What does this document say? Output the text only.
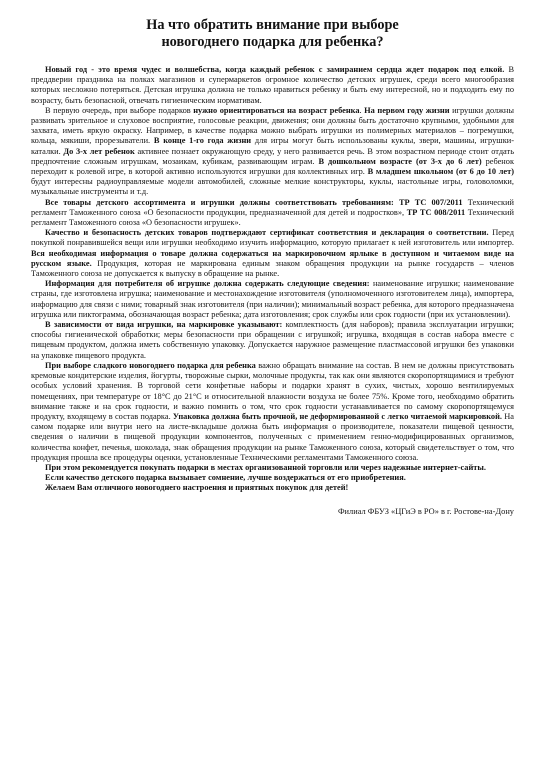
На что обратить внимание при выборе
новогоднего подарка для ребенка?

Новый год - это время чудес и волшебства, когда каждый ребенок с замиранием сердца ждет подарок под елкой. В преддверии праздника на полках магазинов и супермаркетов огромное количество детских игрушек, среди всего многообразия которых несложно потеряться. Детская игрушка должна не только нравиться ребенку и быть ему интересной, но и подходить ему по возрасту, быть безопасной, отвечать гигиеническим нормативам.

В первую очередь, при выборе подарков нужно ориентироваться на возраст ребенка. На первом году жизни игрушки должны развивать зрительное и слуховое восприятие, голосовые реакции, движения; они должны быть достаточно крупными, удобными для захвата, иметь яркую окраску. Например, в качестве подарка можно выбрать игрушки из полимерных материалов – погремушки, кольца, мякиши, прорезыватели. В конце 1-го года жизни для игры могут быть использованы куклы, звери, машины, игрушки-каталки. До 3-х лет ребенок активнее познает окружающую среду, у него развивается речь. В этом возрастном периоде стоит отдать предпочтение сложным игрушкам, мозаикам, кубикам, развивающим играм. В дошкольном возрасте (от 3-х до 6 лет) ребенок переходит к ролевой игре, в которой активно используются игрушки для коллективных игр. В младшем школьном (от 6 до 10 лет) будут интересны радиоуправляемые модели автомобилей, сложные мелкие конструкторы, куклы, настольные игры, головоломки, музыкальные инструменты и т.д.

Все товары детского ассортимента и игрушки должны соответствовать требованиям: ТР ТС 007/2011 Технический регламент Таможенного союза «О безопасности продукции, предназначенной для детей и подростков», ТР ТС 008/2011 Технический регламент Таможенного союза «О безопасности игрушек».

Качество и безопасность детских товаров подтверждают сертификат соответствия и декларация о соответствии. Перед покупкой понравившейся вещи или игрушки необходимо изучить информацию, которую прилагает к ней изготовитель или импортер. Вся необходимая информация о товаре должна содержаться на маркировочном ярлыке в доступном и читаемом виде на русском языке. Продукция, которая не маркирована единым знаком обращения продукции на рынке государств – членов Таможенного союза не допускается к выпуску в обращение на рынке.

Информация для потребителя об игрушке должна содержать следующие сведения: наименование игрушки; наименование страны, где изготовлена игрушка; наименование и местонахождение изготовителя (уполномоченного изготовителем лица), импортера, информацию для связи с ними; товарный знак изготовителя (при наличии); минимальный возраст ребенка, для которого предназначена игрушка или пиктограмма, обозначающая возраст ребенка; дата изготовления; срок службы или срок годности (при их установлении).

В зависимости от вида игрушки, на маркировке указывают: комплектность (для наборов); правила эксплуатации игрушки; способы гигиенической обработки; меры безопасности при обращении с игрушкой; игрушка, входящая в состав набора вместе с пищевым продуктом, должна иметь собственную упаковку. Допускается наружное размещение пластмассовой игрушки без упаковки на упаковке пищевого продукта.

При выборе сладкого новогоднего подарка для ребенка важно обращать внимание на состав. В нем не должны присутствовать кремовые кондитерские изделия, йогурты, творожные сырки, молочные продукты, так как они являются скоропортящимися и требуют особых условий хранения. В торговой сети конфетные наборы и подарки хранят в сухих, чистых, хорошо вентилируемых помещениях, при температуре от 18°С до 21°С и относительной влажности воздуха не более 75%. Кроме того, необходимо обратить внимание также и на срок годности, и важно помнить о том, что срок годности устанавливается по самому скоропортящемуся продукту, входящему в состав подарка. Упаковка должна быть прочной, не деформированной с легко читаемой маркировкой. На самом подарке или внутри него на листе-вкладыше должна быть информация о производителе, показатели пищевой ценности, сведения о наличии в пищевой продукции компонентов, полученных с применением генно-модифицированных организмов, количества конфет, печенья, шоколада, знак обращения продукции на рынке Таможенного союза, который свидетельствует о том, что продукция прошла все процедуры оценки, установленные Техническими регламентами Таможенного союза.

При этом рекомендуется покупать подарки в местах организованной торговли или через надежные интернет-сайты.

Если качество детского подарка вызывает сомнение, лучше воздержаться от его приобретения.

Желаем Вам отличного новогоднего настроения и приятных покупок для детей!

Филиал ФБУЗ «ЦГиЭ в РО» в г. Ростове-на-Дону
